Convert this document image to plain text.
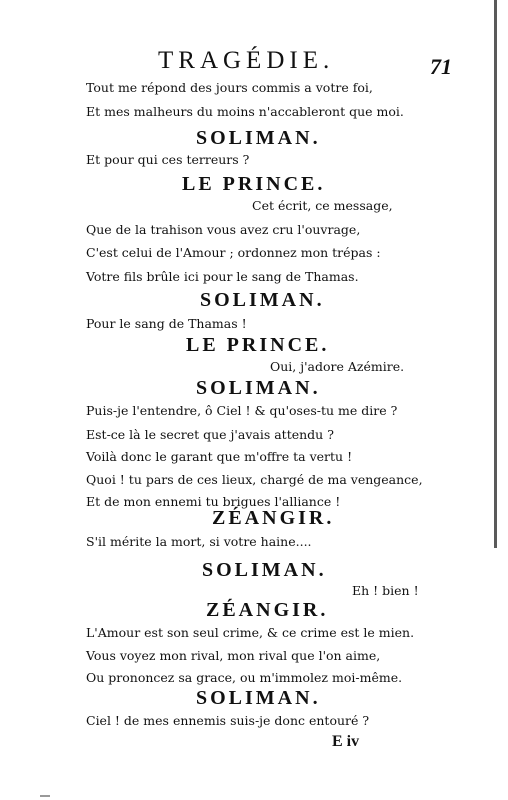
TRAGÉDIE.	71
Tout me répond des jours commis a votre foi,
Et mes malheurs du moins n'accableront que moi.
SOLIMAN.
Et pour qui ces terreurs ?
LE PRINCE.
Cet écrit, ce message,
Que de la trahison vous avez cru l'ouvrage,
C'est celui de l'Amour ; ordonnez mon trépas :
Votre fils brûle ici pour le sang de Thamas.
SOLIMAN.
Pour le sang de Thamas !
LE PRINCE.
Oui, j'adore Azémire.
SOLIMAN.
Puis-je l'entendre, ô Ciel ! & qu'oses-tu me dire ?
Est-ce là le secret que j'avais attendu ?
Voilà donc le garant que m'offre ta vertu !
Quoi ! tu pars de ces lieux, chargé de ma vengeance,
Et de mon ennemi tu brigues l'alliance !
ZÉANGIR.
S'il mérite la mort, si votre haine....
SOLIMAN.
Eh ! bien !
ZÉANGIR.
L'Amour est son seul crime, & ce crime est le mien.
Vous voyez mon rival, mon rival que l'on aime,
Ou prononcez sa grace, ou m'immolez moi-même.
SOLIMAN.
Ciel ! de mes ennemis suis-je donc entouré ?
E iv
